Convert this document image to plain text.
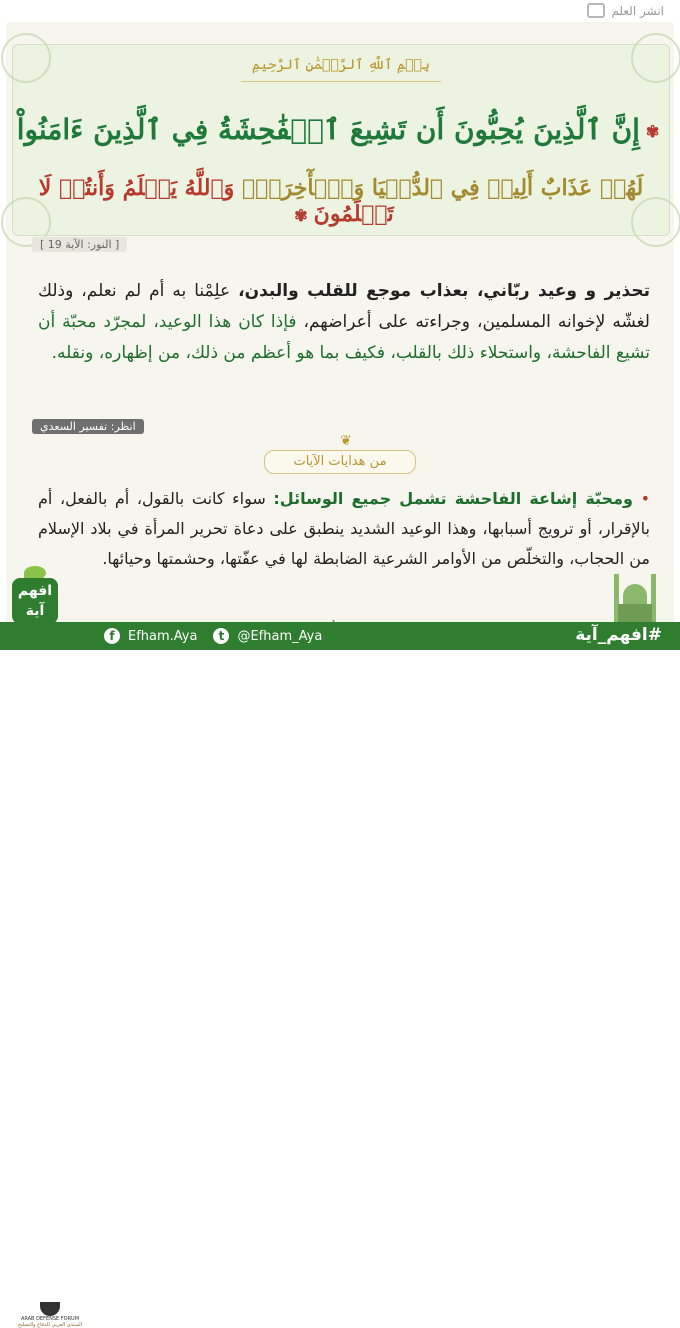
انشر العلم
بِسۡمِ ٱللَّهِ ٱلرَّحۡمَٰنِ ٱلرَّحِيمِ
✾إِنَّ ٱلَّذِينَ يُحِبُّونَ أَن تَشِيعَ ٱلۡفَٰحِشَةُ فِي ٱلَّذِينَ ءَامَنُواْ
لَهُمۡ عَذَابٌ أَلِيمٞ فِي ٱلدُّنۡيَا وَٱلۡأٓخِرَةِۚ وَٱللَّهُ يَعۡلَمُ وَأَنتُمۡ لَا تَعۡلَمُونَ✾
[ النور: الآية 19 ]
تحذير و وعيد ربّاني، بعذاب موجع للقلب والبدن، علِمْنا به أم لم نعلم، وذلك لغشّه لإخوانه المسلمين، وجراءته على أعراضهم، فإذا كان هذا الوعيد، لمجرّد محبّة أن تشيع الفاحشة، واستحلاء ذلك بالقلب، فكيف بما هو أعظم من ذلك، من إظهاره، ونقله.
انظر: تفسير السعدي
❦
من هدايات الآيات
• ومحبّة إشاعة الفاحشة تشمل جميع الوسائل: سواء كانت بالقول، أم بالفعل، أم بالإقرار، أو ترويج أسبابها، وهذا الوعيد الشديد ينطبق على دعاة تحرير المرأة في بلاد الإسلام من الحجاب، والتخلّص من الأوامر الشرعية الضابطة لها في عفّتها، وحشمتها وحيائها.
افهم آية
f	Efham.Aya	t	@Efham_Aya	#افهم_آية
ARAB DEFENSE FORUM
المنتدى العربي للدفاع والتسليح
